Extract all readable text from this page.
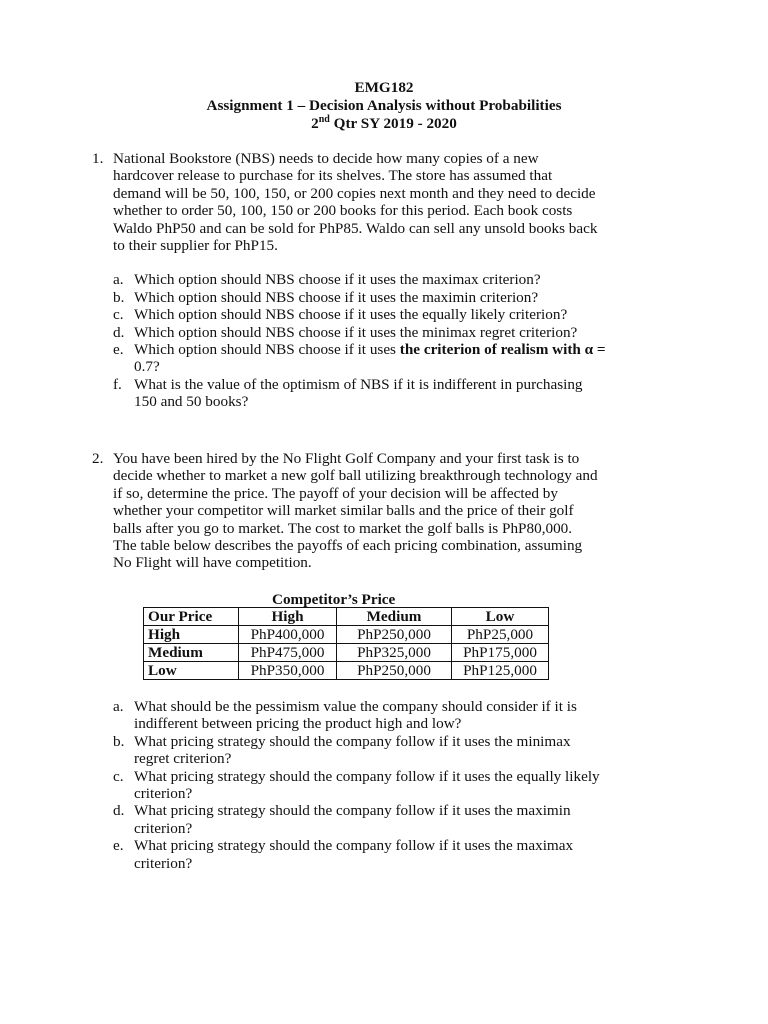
EMG182
Assignment 1 – Decision Analysis without Probabilities
2nd Qtr SY 2019 - 2020
1. National Bookstore (NBS) needs to decide how many copies of a new
hardcover release to purchase for its shelves. The store has assumed that
demand will be 50, 100, 150, or 200 copies next month and they need to decide
whether to order 50, 100, 150 or 200 books for this period. Each book costs
Waldo PhP50 and can be sold for PhP85. Waldo can sell any unsold books back
to their supplier for PhP15.
a. Which option should NBS choose if it uses the maximax criterion?
b. Which option should NBS choose if it uses the maximin criterion?
c. Which option should NBS choose if it uses the equally likely criterion?
d. Which option should NBS choose if it uses the minimax regret criterion?
e. Which option should NBS choose if it uses the criterion of realism with α =
0.7?
f. What is the value of the optimism of NBS if it is indifferent in purchasing
150 and 50 books?
2. You have been hired by the No Flight Golf Company and your first task is to
decide whether to market a new golf ball utilizing breakthrough technology and
if so, determine the price. The payoff of your decision will be affected by
whether your competitor will market similar balls and the price of their golf
balls after you go to market. The cost to market the golf balls is PhP80,000.
The table below describes the payoffs of each pricing combination, assuming
No Flight will have competition.
Competitor’s Price
Our Price	High	Medium	Low
High	PhP400,000	PhP250,000	PhP25,000
Medium	PhP475,000	PhP325,000	PhP175,000
Low	PhP350,000	PhP250,000	PhP125,000
a. What should be the pessimism value the company should consider if it is
indifferent between pricing the product high and low?
b. What pricing strategy should the company follow if it uses the minimax
regret criterion?
c. What pricing strategy should the company follow if it uses the equally likely
criterion?
d. What pricing strategy should the company follow if it uses the maximin
criterion?
e. What pricing strategy should the company follow if it uses the maximax
criterion?
